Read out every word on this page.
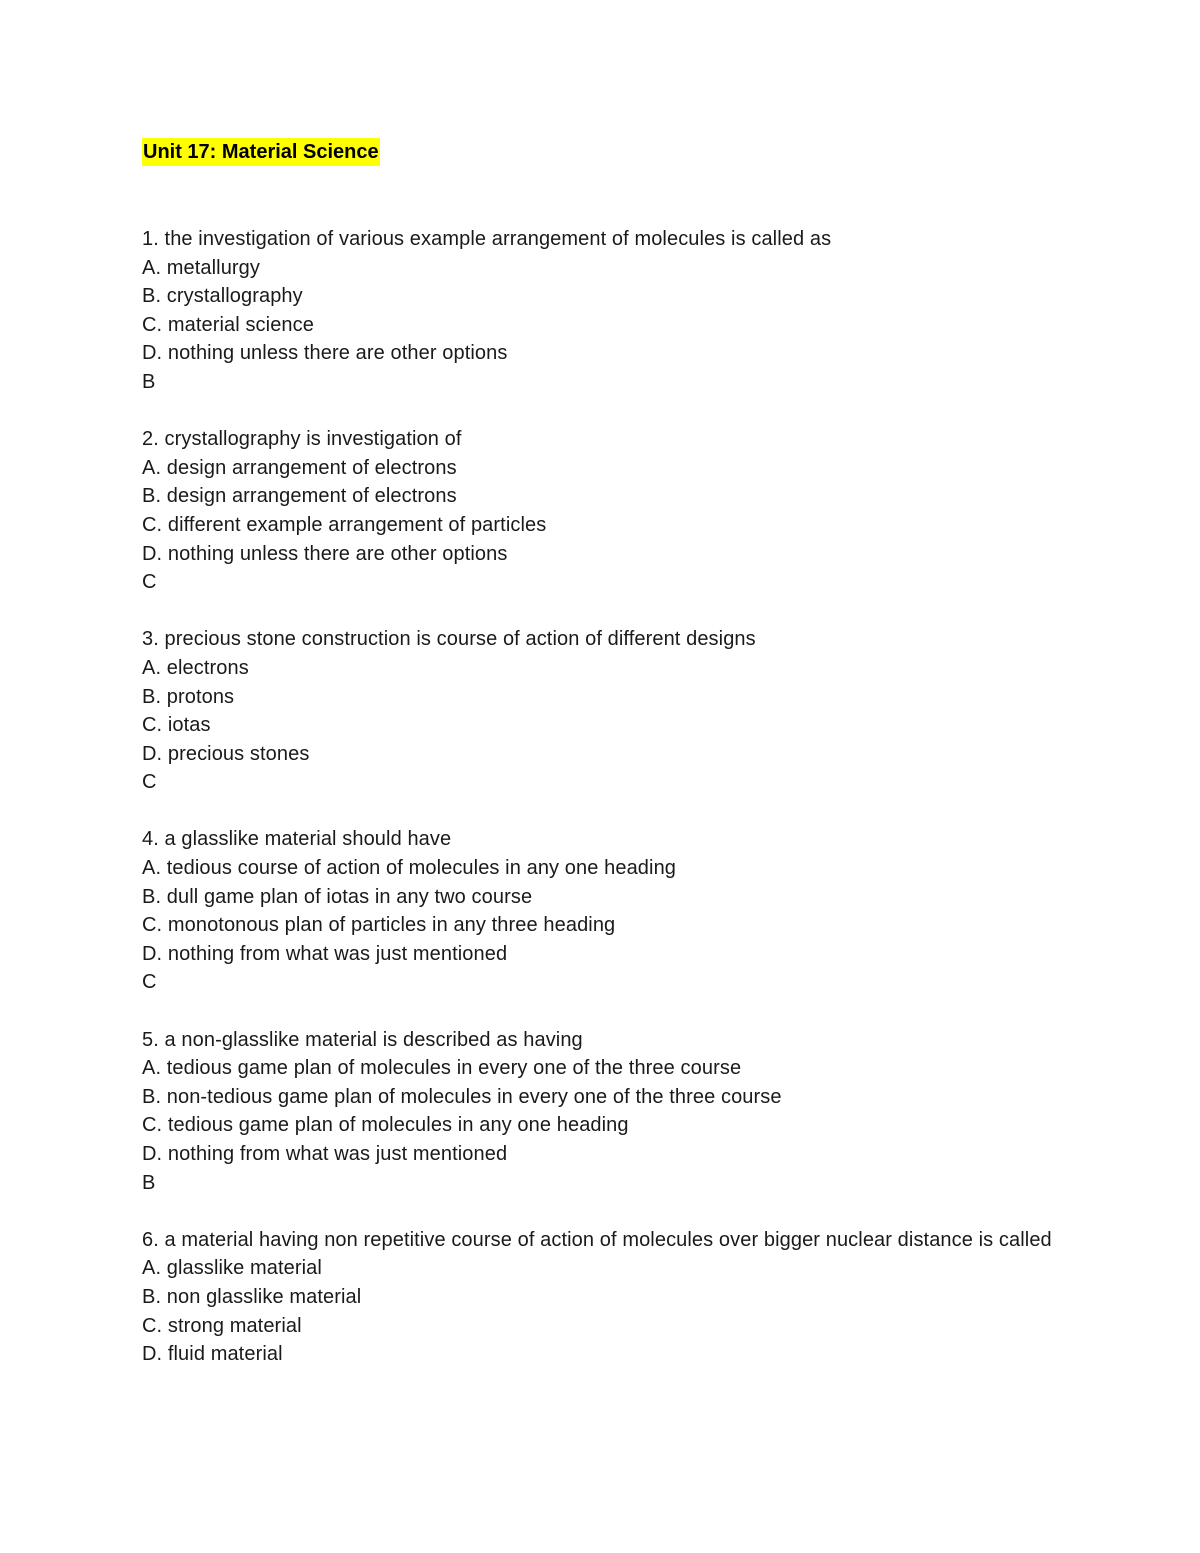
Unit 17: Material Science
1. the investigation of various example arrangement of molecules is called as
A. metallurgy
B. crystallography
C. material science
D. nothing unless there are other options
B
2. crystallography is investigation of
A. design arrangement of electrons
B. design arrangement of electrons
C. different example arrangement of particles
D. nothing unless there are other options
C
3. precious stone construction is course of action of different designs
A. electrons
B. protons
C. iotas
D. precious stones
C
4. a glasslike material should have
A. tedious course of action of molecules in any one heading
B. dull game plan of iotas in any two course
C. monotonous plan of particles in any three heading
D. nothing from what was just mentioned
C
5. a non-glasslike material is described as having
A. tedious game plan of molecules in every one of the three course
B. non-tedious game plan of molecules in every one of the three course
C. tedious game plan of molecules in any one heading
D. nothing from what was just mentioned
B
6. a material having non repetitive course of action of molecules over bigger nuclear distance is called
A. glasslike material
B. non glasslike material
C. strong material
D. fluid material
